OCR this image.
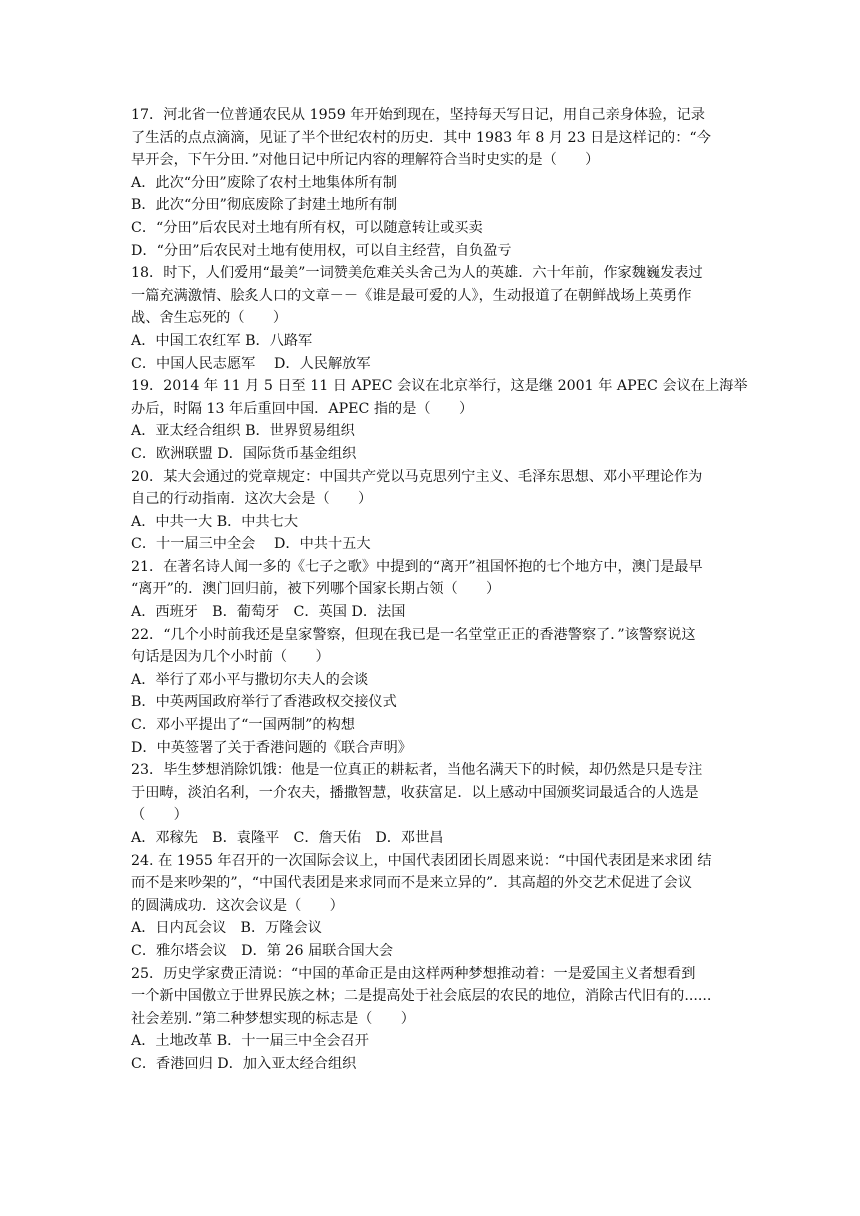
17．河北省一位普通农民从 1959 年开始到现在，坚持每天写日记，用自己亲身体验，记录
了生活的点点滴滴，见证了半个世纪农村的历史．其中 1983 年 8 月 23 日是这样记的：“今
早开会，下午分田．”对他日记中所记内容的理解符合当时史实的是（　　）
A．此次“分田”废除了农村土地集体所有制
B．此次“分田”彻底废除了封建土地所有制
C．“分田”后农民对土地有所有权，可以随意转让或买卖
D．“分田”后农民对土地有使用权，可以自主经营，自负盈亏
18．时下，人们爱用“最美”一词赞美危难关头舍己为人的英雄．六十年前，作家魏巍发表过
一篇充满激情、脍炙人口的文章－－《谁是最可爱的人》，生动报道了在朝鲜战场上英勇作
战、舍生忘死的（　　）
A．中国工农红军 B．八路军
C．中国人民志愿军　 D．人民解放军
19．2014 年 11 月 5 日至 11 日 APEC 会议在北京举行，这是继 2001 年 APEC 会议在上海举
办后，时隔 13 年后重回中国．APEC 指的是（　　）
A．亚太经合组织 B．世界贸易组织
C．欧洲联盟 D．国际货币基金组织
20．某大会通过的党章规定：中国共产党以马克思列宁主义、毛泽东思想、邓小平理论作为
自己的行动指南．这次大会是（　　）
A．中共一大 B．中共七大
C．十一届三中全会　 D．中共十五大
21．在著名诗人闻一多的《七子之歌》中提到的“离开”祖国怀抱的七个地方中，澳门是最早
“离开”的．澳门回归前，被下列哪个国家长期占领（　　）
A．西班牙　B．葡萄牙　C．英国 D．法国
22．“几个小时前我还是皇家警察，但现在我已是一名堂堂正正的香港警察了．”该警察说这
句话是因为几个小时前（　　）
A．举行了邓小平与撒切尔夫人的会谈
B．中英两国政府举行了香港政权交接仪式
C．邓小平提出了“一国两制”的构想
D．中英签署了关于香港问题的《联合声明》
23．毕生梦想消除饥饿：他是一位真正的耕耘者，当他名满天下的时候，却仍然是只是专注
于田畴，淡泊名利，一介农夫，播撒智慧，收获富足．以上感动中国颁奖词最适合的人选是
（　　）
A．邓稼先　B．袁隆平　C．詹天佑　D．邓世昌
24. 在 1955 年召开的一次国际会议上，中国代表团团长周恩来说：“中国代表团是来求团 结
而不是来吵架的”，“中国代表团是来求同而不是来立异的”．其高超的外交艺术促进了会议
的圆满成功．这次会议是（　　）
A．日内瓦会议　B．万隆会议
C．雅尔塔会议　D．第 26 届联合国大会
25．历史学家费正清说：“中国的革命正是由这样两种梦想推动着：一是爱国主义者想看到
一个新中国傲立于世界民族之林；二是提高处于社会底层的农民的地位，消除古代旧有的......
社会差别．”第二种梦想实现的标志是（　　）
A．土地改革 B．十一届三中全会召开
C．香港回归 D．加入亚太经合组织
